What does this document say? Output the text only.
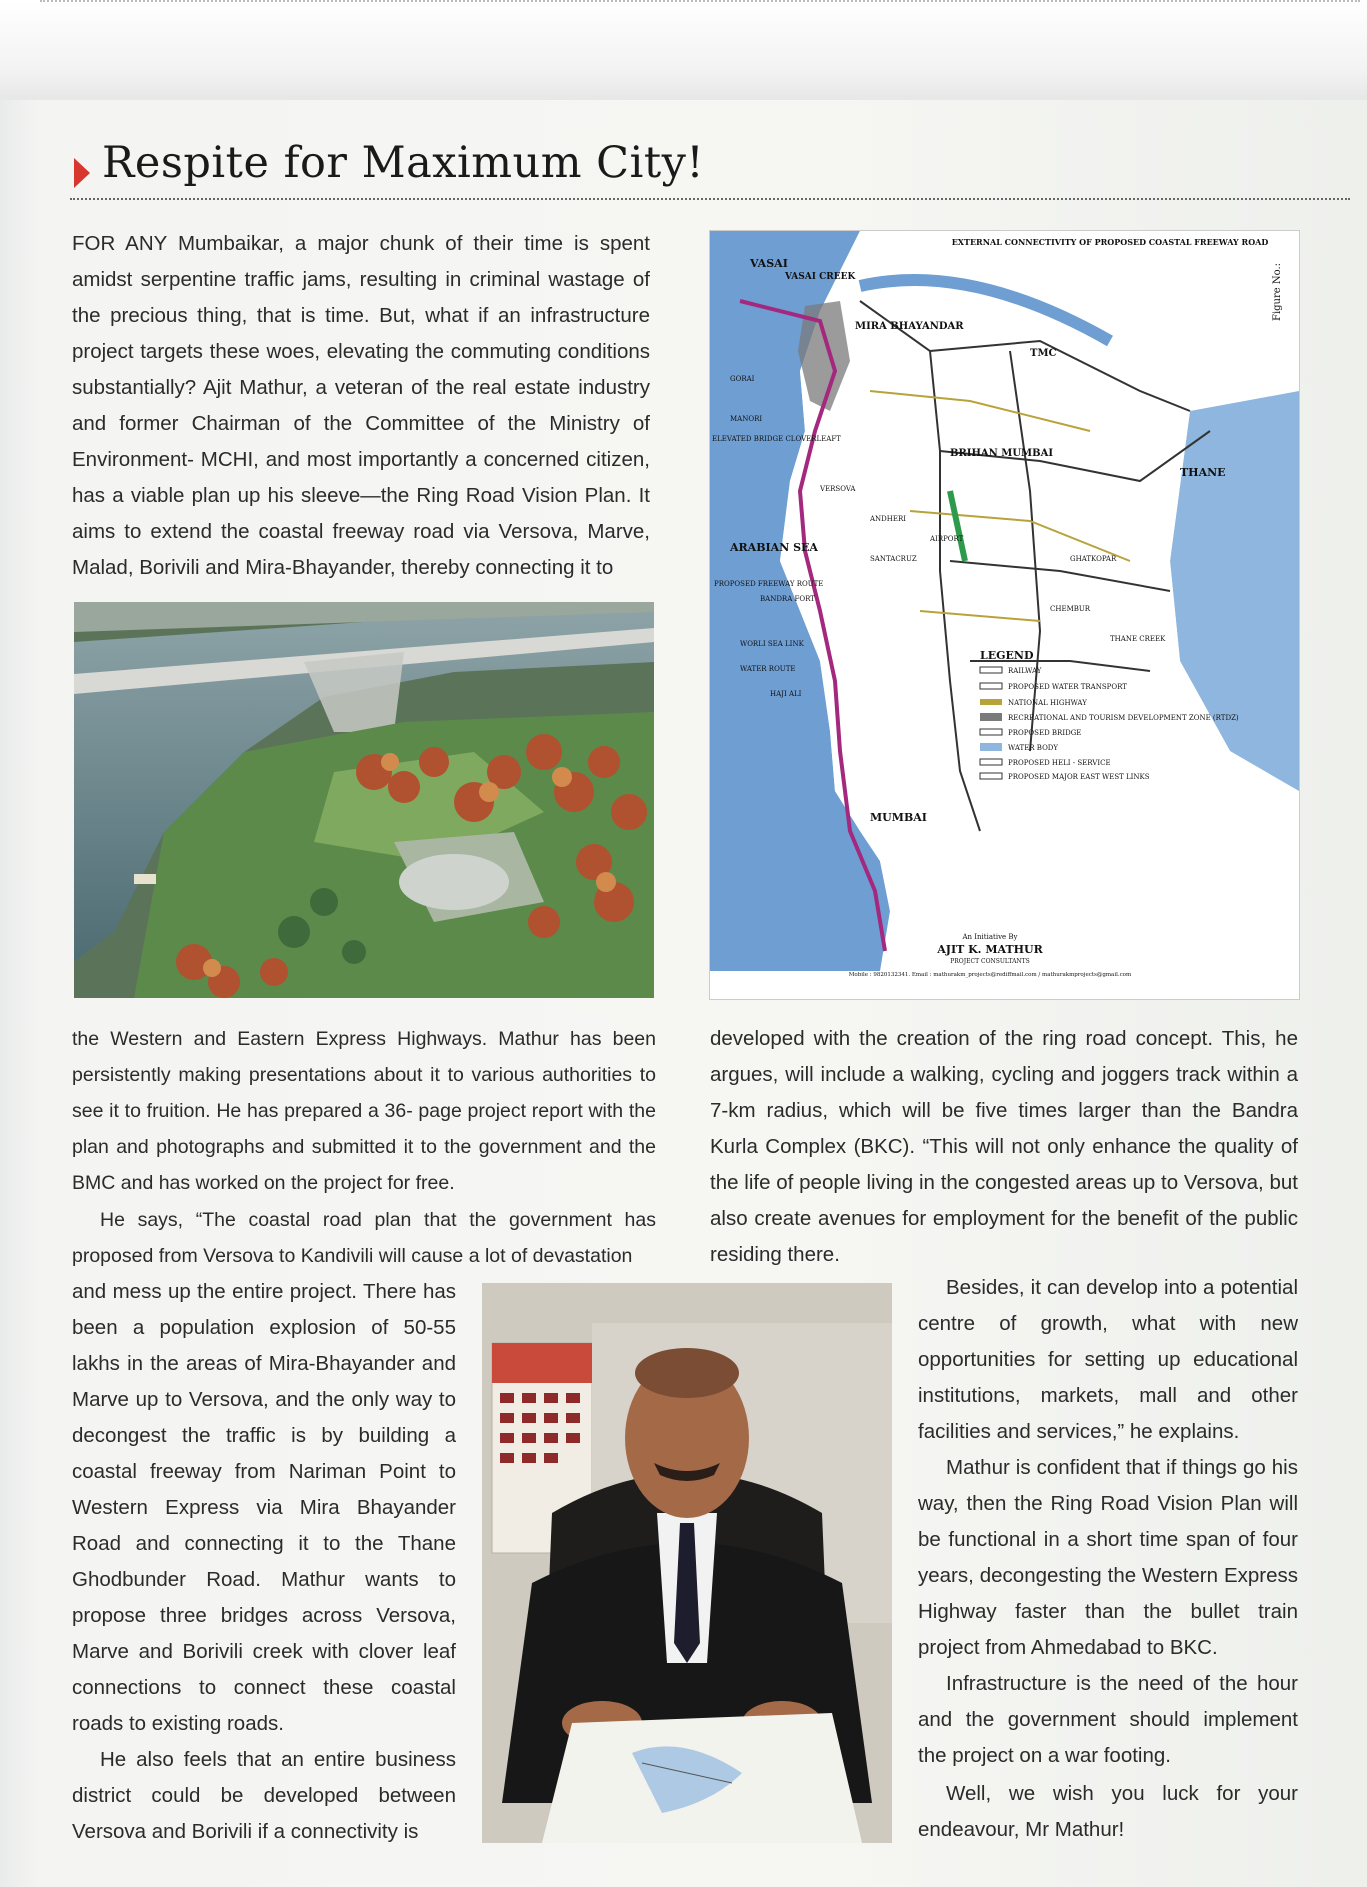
Respite for Maximum City!

FOR ANY Mumbaikar, a major chunk of their time is spent amidst serpentine traffic jams, resulting in criminal wastage of the precious thing, that is time. But, what if an infrastructure project targets these woes, elevating the commuting conditions substantially? Ajit Mathur, a veteran of the real estate industry and former Chairman of the Committee of the Ministry of Environment- MCHI, and most importantly a concerned citizen, has a viable plan up his sleeve—the Ring Road Vision Plan. It aims to extend the coastal freeway road via Versova, Marve, Malad, Borivili and Mira-Bhayander, thereby connecting it to

the Western and Eastern Express Highways. Mathur has been persistently making presentations about it to various authorities to see it to fruition. He has prepared a 36- page project report with the plan and photographs and submitted it to the government and the BMC and has worked on the project for free.

He says, “The coastal road plan that the government has proposed from Versova to Kandivili will cause a lot of devastation

and mess up the entire project. There has been a population explosion of 50-55 lakhs in the areas of Mira-Bhayander and Marve up to Versova, and the only way to decongest the traffic is by building a coastal freeway from Nariman Point to Western Express via Mira Bhayander Road and connecting it to the Thane Ghodbunder Road. Mathur wants to propose three bridges across Versova, Marve and Borivili creek with clover leaf connections to connect these coastal roads to existing roads.

He also feels that an entire business district could be developed between Versova and Borivili if a connectivity is

EXTERNAL CONNECTIVITY OF PROPOSED COASTAL FREEWAY ROAD
Figure No.:
VASAI
VASAI CREEK
MIRA BHAYANDAR
TMC
THANE
BRIHAN MUMBAI
ARABIAN SEA
MUMBAI
VERSOVA
ANDHERI
SANTACRUZ
AIRPORT
GHATKOPAR
CHEMBUR
THANE CREEK
BANDRA FORT
PROPOSED FREEWAY ROUTE
WORLI SEA LINK
WATER ROUTE
HAJI ALI
GORAI
MANORI
ELEVATED BRIDGE CLOVERLEAFT
LEGEND
RAILWAY
PROPOSED WATER TRANSPORT
NATIONAL HIGHWAY
RECREATIONAL AND TOURISM DEVELOPMENT ZONE (RTDZ)
PROPOSED BRIDGE
WATER BODY
PROPOSED HELI - SERVICE
PROPOSED MAJOR EAST WEST LINKS
An Initiative By
AJIT K. MATHUR
PROJECT CONSULTANTS
Mobile : 9820132341. Email : mathurakm_projects@rediffmail.com / mathurakmprojects@gmail.com

developed with the creation of the ring road concept. This, he argues, will include a walking, cycling and joggers track within a 7-km radius, which will be five times larger than the Bandra Kurla Complex (BKC). “This will not only enhance the quality of the life of people living in the congested areas up to Versova, but also create avenues for employment for the benefit of the public residing there.

Besides, it can develop into a potential centre of growth, what with new opportunities for setting up educational institutions, markets, mall and other facilities and services,” he explains.

Mathur is confident that if things go his way, then the Ring Road Vision Plan will be functional in a short time span of four years, decongesting the Western Express Highway faster than the bullet train project from Ahmedabad to BKC.

Infrastructure is the need of the hour and the government should implement the project on a war footing.

Well, we wish you luck for your endeavour, Mr Mathur!
